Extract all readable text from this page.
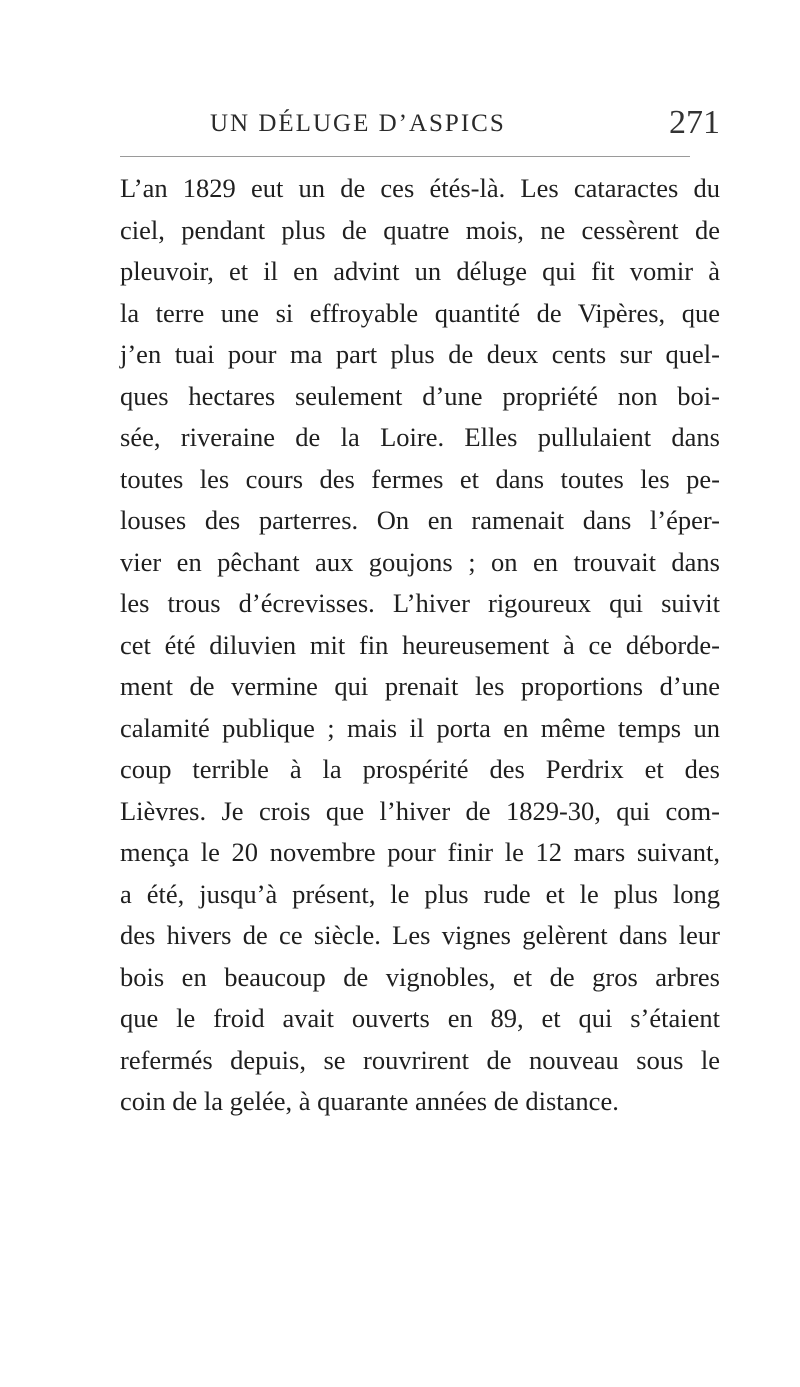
UN DÉLUGE D’ASPICS	271
L’an 1829 eut un de ces étés-là. Les cataractes du
ciel, pendant plus de quatre mois, ne cessèrent de
pleuvoir, et il en advint un déluge qui fit vomir à
la terre une si effroyable quantité de Vipères, que
j’en tuai pour ma part plus de deux cents sur quel-
ques hectares seulement d’une propriété non boi-
sée, riveraine de la Loire. Elles pullulaient dans
toutes les cours des fermes et dans toutes les pe-
louses des parterres. On en ramenait dans l’éper-
vier en pêchant aux goujons ; on en trouvait dans
les trous d’écrevisses. L’hiver rigoureux qui suivit
cet été diluvien mit fin heureusement à ce déborde-
ment de vermine qui prenait les proportions d’une
calamité publique ; mais il porta en même temps un
coup terrible à la prospérité des Perdrix et des
Lièvres. Je crois que l’hiver de 1829-30, qui com-
mença le 20 novembre pour finir le 12 mars suivant,
a été, jusqu’à présent, le plus rude et le plus long
des hivers de ce siècle. Les vignes gelèrent dans leur
bois en beaucoup de vignobles, et de gros arbres
que le froid avait ouverts en 89, et qui s’étaient
refermés depuis, se rouvrirent de nouveau sous le
coin de la gelée, à quarante années de distance.
